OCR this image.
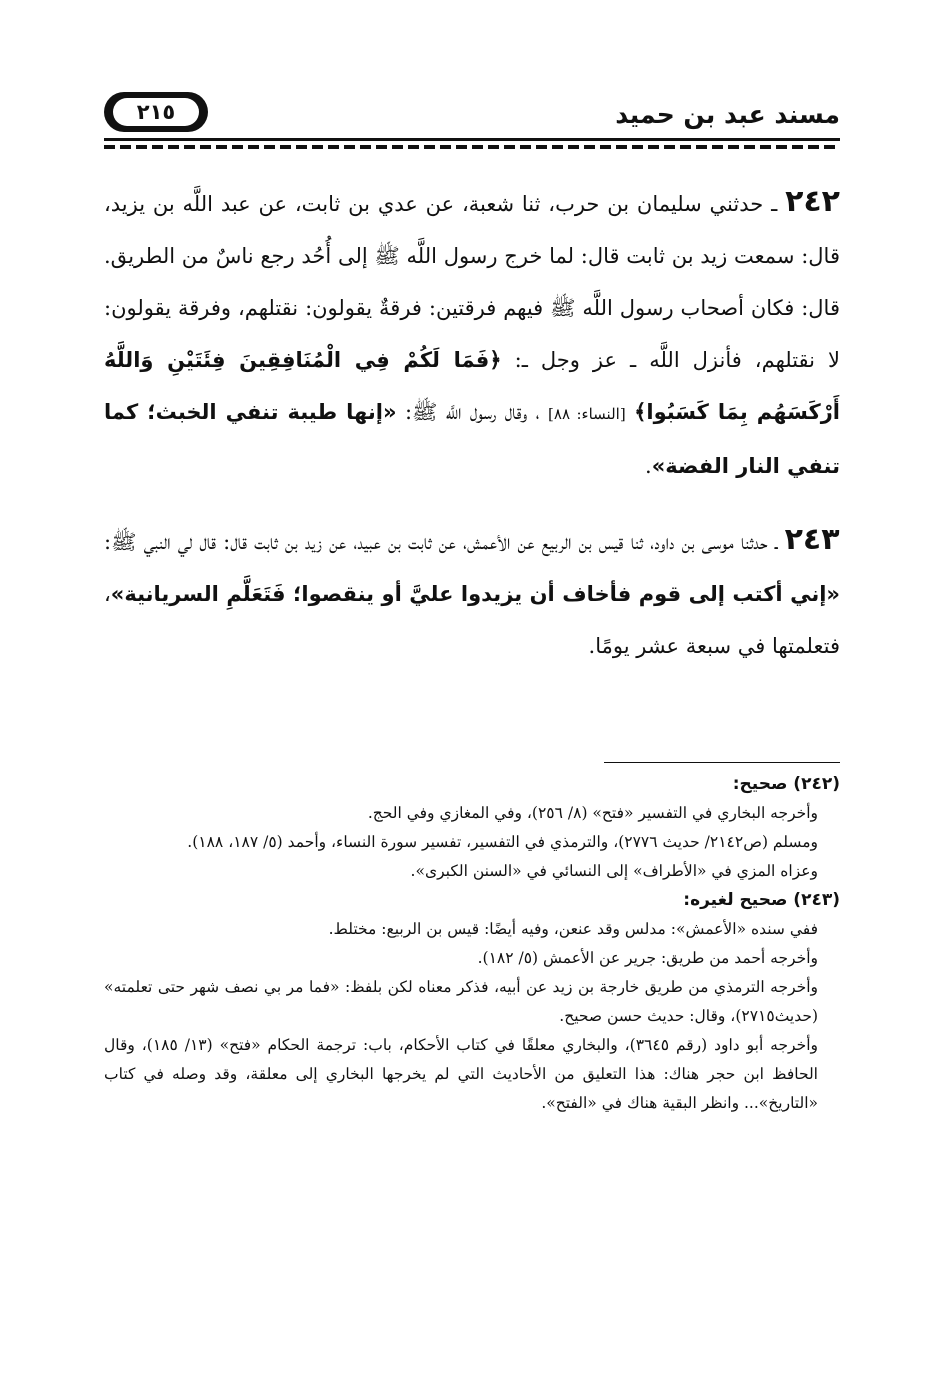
مسند عبد بن حميد
٢١٥

٢٤٢ ـ حدثني سليمان بن حرب، ثنا شعبة، عن عدي بن ثابت، عن عبد اللَّه بن يزيد، قال: سمعت زيد بن ثابت قال: لما خرج رسول اللَّه ﷺ إلى أُحُد رجع ناسٌ من الطريق. قال: فكان أصحاب رسول اللَّه ﷺ فيهم فرقتين: فرقةٌ يقولون: نقتلهم، وفرقة يقولون: لا نقتلهم، فأنزل اللَّه ـ عز وجل ـ: ﴿فَمَا لَكُمْ فِي الْمُنَافِقِينَ فِئَتَيْنِ وَاللَّهُ أَرْكَسَهُم بِمَا كَسَبُوا﴾ [النساء: ٨٨] ، وقال رسول اللَّه ﷺ: «إنها طيبة تنفي الخبث؛ كما تنفي النار الفضة».

٢٤٣ ـ حدثنا موسى بن داود، ثنا قيس بن الربيع عن الأعمش، عن ثابت بن عبيد، عن زيد بن ثابت قال: قال لي النبي ﷺ: «إني أكتب إلى قوم فأخاف أن يزيدوا عليَّ أو ينقصوا؛ فَتَعَلَّمِ السريانية»، فتعلمتها في سبعة عشر يومًا.

(٢٤٢) صحيح:

وأخرجه البخاري في التفسير «فتح» (٨/ ٢٥٦)، وفي المغازي وفي الحج.

ومسلم (ص٢١٤٢/ حديث ٢٧٧٦)، والترمذي في التفسير، تفسير سورة النساء، وأحمد (٥/ ١٨٧، ١٨٨).

وعزاه المزي في «الأطراف» إلى النسائي في «السنن الكبرى».

(٢٤٣) صحيح لغيره:

ففي سنده «الأعمش»: مدلس وقد عنعن، وفيه أيضًا: قيس بن الربيع: مختلط.

وأخرجه أحمد من طريق: جرير عن الأعمش (٥/ ١٨٢).

وأخرجه الترمذي من طريق خارجة بن زيد عن أبيه، فذكر معناه لكن بلفظ: «فما مر بي نصف شهر حتى تعلمته» (حديث٢٧١٥)، وقال: حديث حسن صحيح.

وأخرجه أبو داود (رقم ٣٦٤٥)، والبخاري معلقًا في كتاب الأحكام، باب: ترجمة الحكام «فتح» (١٣/ ١٨٥)، وقال الحافظ ابن حجر هناك: هذا التعليق من الأحاديث التي لم يخرجها البخاري إلى معلقة، وقد وصله في كتاب «التاريخ»... وانظر البقية هناك في «الفتح».
